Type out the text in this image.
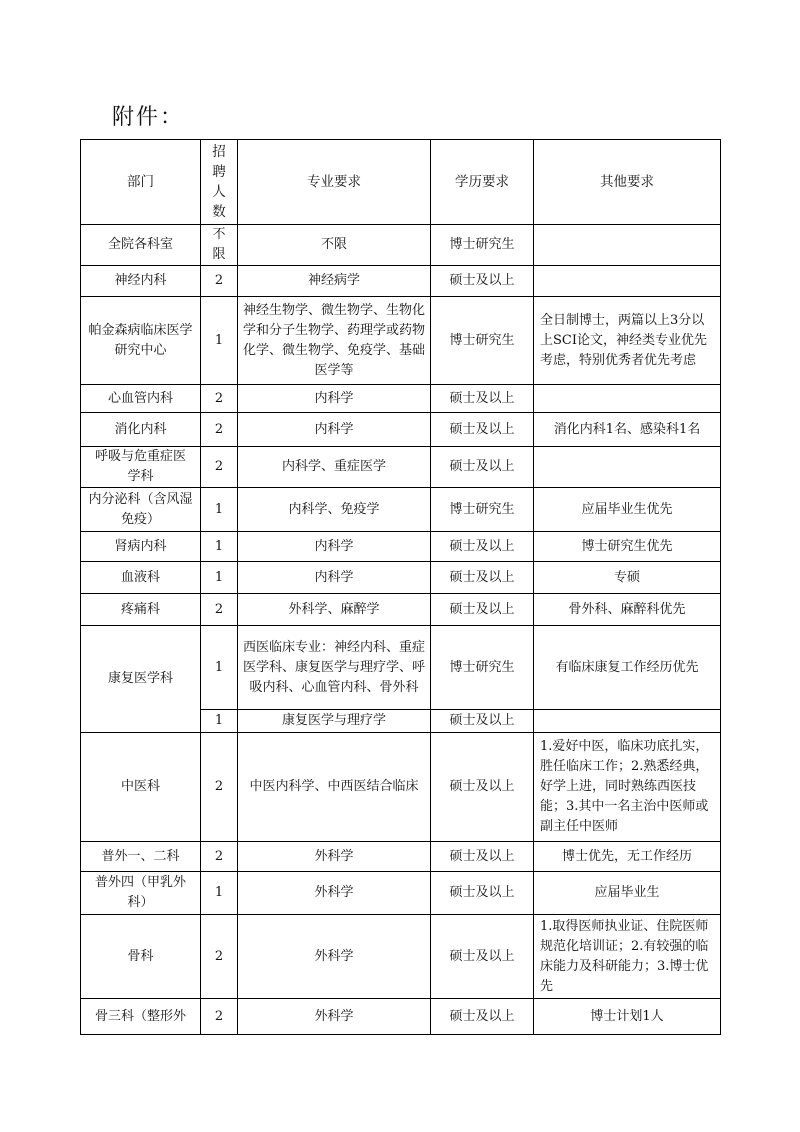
附件：
部门	招聘人数	专业要求	学历要求	其他要求
全院各科室	不限	不限	博士研究生	
神经内科	2	神经病学	硕士及以上	
帕金森病临床医学研究中心	1	神经生物学、微生物学、生物化学和分子生物学、药理学或药物化学、微生物学、免疫学、基础医学等	博士研究生	全日制博士，两篇以上3分以上SCI论文，神经类专业优先考虑，特别优秀者优先考虑
心血管内科	2	内科学	硕士及以上	
消化内科	2	内科学	硕士及以上	消化内科1名、感染科1名
呼吸与危重症医学科	2	内科学、重症医学	硕士及以上	
内分泌科（含风湿免疫）	1	内科学、免疫学	博士研究生	应届毕业生优先
肾病内科	1	内科学	硕士及以上	博士研究生优先
血液科	1	内科学	硕士及以上	专硕
疼痛科	2	外科学、麻醉学	硕士及以上	骨外科、麻醉科优先
康复医学科	1	西医临床专业：神经内科、重症医学科、康复医学与理疗学、呼吸内科、心血管内科、骨外科	博士研究生	有临床康复工作经历优先
	1	康复医学与理疗学	硕士及以上	
中医科	2	中医内科学、中西医结合临床	硕士及以上	1.爱好中医，临床功底扎实，胜任临床工作；2.熟悉经典，好学上进，同时熟练西医技能；3.其中一名主治中医师或副主任中医师
普外一、二科	2	外科学	硕士及以上	博士优先，无工作经历
普外四（甲乳外科）	1	外科学	硕士及以上	应届毕业生
骨科	2	外科学	硕士及以上	1.取得医师执业证、住院医师规范化培训证；2.有较强的临床能力及科研能力；3.博士优先
骨三科（整形外	2	外科学	硕士及以上	博士计划1人
